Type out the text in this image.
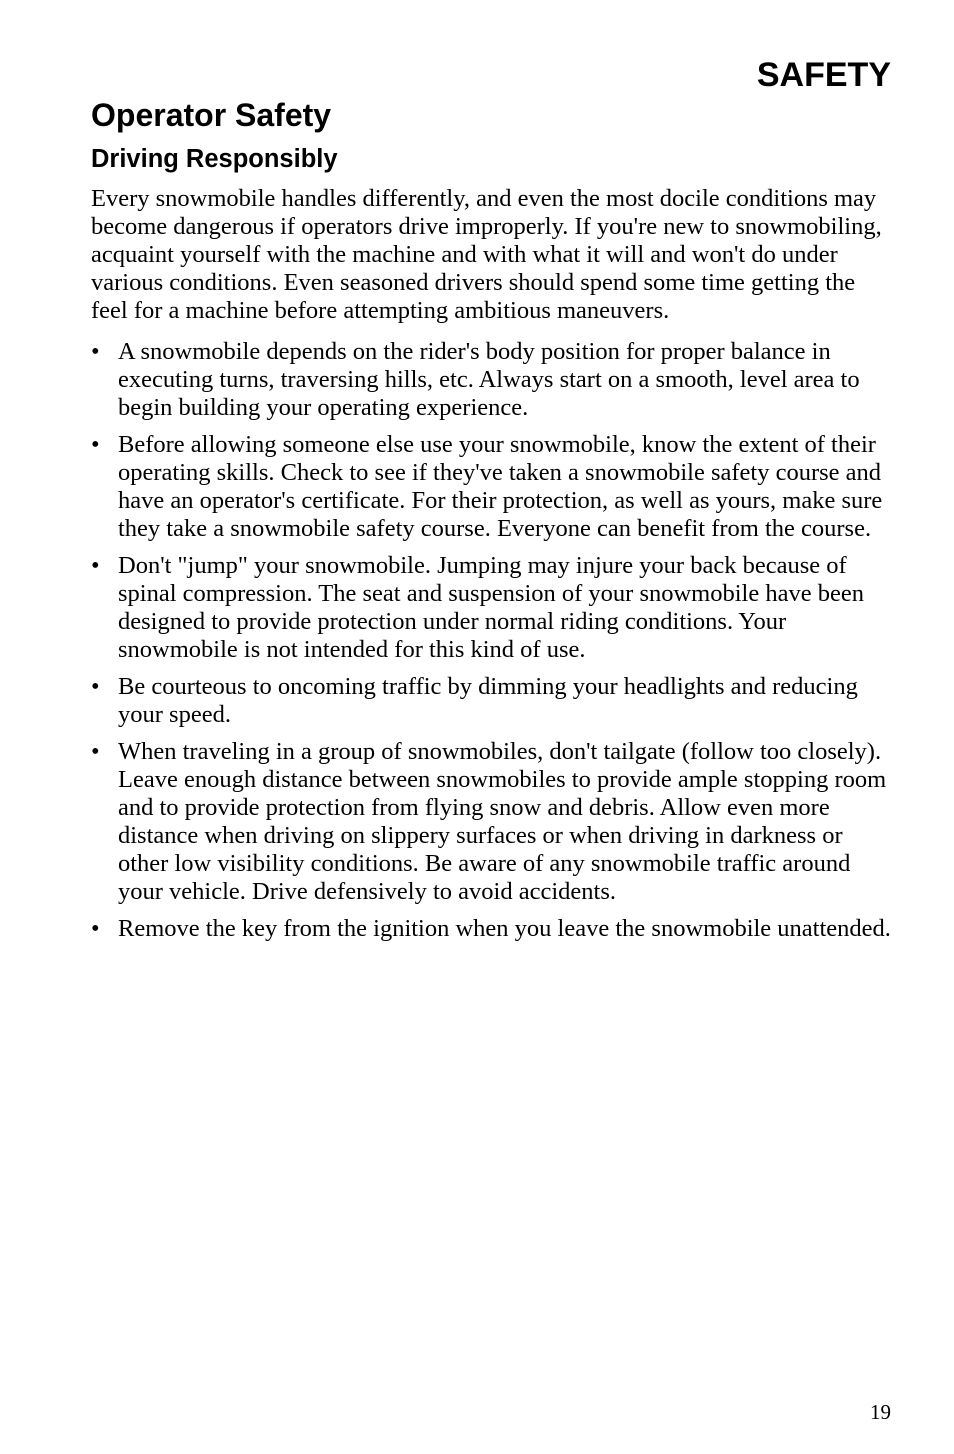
SAFETY
Operator Safety
Driving Responsibly

Every snowmobile handles differently, and even the most docile conditions may become dangerous if operators drive improperly. If you're new to snowmobiling, acquaint yourself with the machine and with what it will and won't do under various conditions. Even seasoned drivers should spend some time getting the feel for a machine before attempting ambitious maneuvers.

• A snowmobile depends on the rider's body position for proper balance in executing turns, traversing hills, etc. Always start on a smooth, level area to begin building your operating experience.
• Before allowing someone else use your snowmobile, know the extent of their operating skills. Check to see if they've taken a snowmobile safety course and have an operator's certificate. For their protection, as well as yours, make sure they take a snowmobile safety course. Everyone can benefit from the course.
• Don't "jump" your snowmobile. Jumping may injure your back because of spinal compression. The seat and suspension of your snowmobile have been designed to provide protection under normal riding conditions. Your snowmobile is not intended for this kind of use.
• Be courteous to oncoming traffic by dimming your headlights and reducing your speed.
• When traveling in a group of snowmobiles, don't tailgate (follow too closely). Leave enough distance between snowmobiles to provide ample stopping room and to provide protection from flying snow and debris. Allow even more distance when driving on slippery surfaces or when driving in darkness or other low visibility conditions. Be aware of any snowmobile traffic around your vehicle. Drive defensively to avoid accidents.
• Remove the key from the ignition when you leave the snowmobile unattended.
19
